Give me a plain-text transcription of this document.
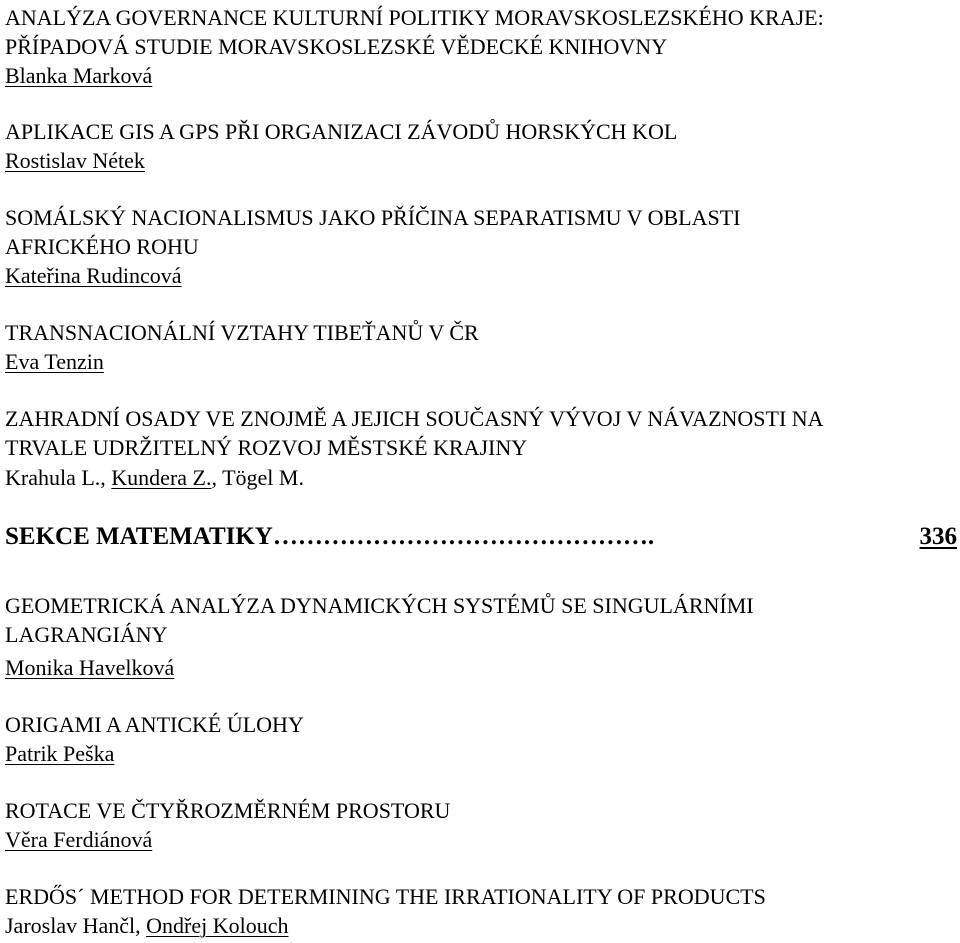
ANALÝZA GOVERNANCE KULTURNÍ POLITIKY MORAVSKOSLEZSKÉHO KRAJE:
PŘÍPADOVÁ STUDIE MORAVSKOSLEZSKÉ VĚDECKÉ KNIHOVNY
Blanka Marková
APLIKACE GIS A GPS PŘI ORGANIZACI ZÁVODŮ HORSKÝCH KOL
Rostislav Nétek
SOMÁLSKÝ NACIONALISMUS JAKO PŘÍČINA SEPARATISMU V OBLASTI
AFRICKÉHO ROHU
Kateřina Rudincová
TRANSNACIONÁLNÍ VZTAHY TIBEŤANŮ V ČR
Eva Tenzin
ZAHRADNÍ OSADY VE ZNOJMĚ A JEJICH SOUČASNÝ VÝVOJ V NÁVAZNOSTI NA
TRVALE UDRŽITELNÝ ROZVOJ MĚSTSKÉ KRAJINY
Krahula L., Kundera Z., Tögel M.
SEKCE MATEMATIKY ……………………………………….	336
GEOMETRICKÁ ANALÝZA DYNAMICKÝCH SYSTÉMŮ SE SINGULÁRNÍMI
LAGRANGIÁNY
Monika Havelková
ORIGAMI A ANTICKÉ ÚLOHY
Patrik Peška
ROTACE VE ČTYŘROZMĚRNÉM PROSTORU
Věra Ferdiánová
ERDŐS´ METHOD FOR DETERMINING THE IRRATIONALITY OF PRODUCTS
Jaroslav Hančl, Ondřej Kolouch
